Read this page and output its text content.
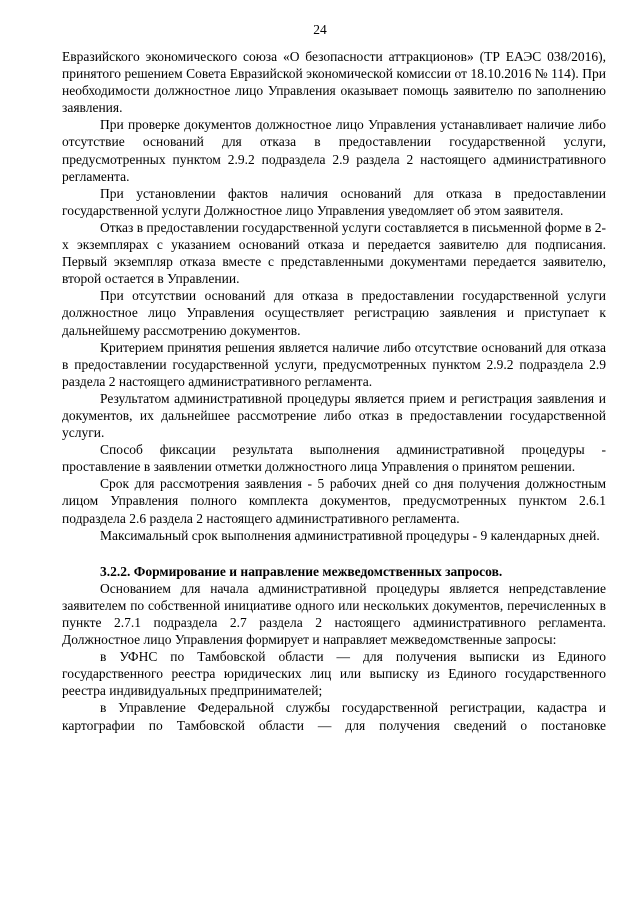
24

Евразийского экономического союза «О безопасности аттракционов» (ТР ЕАЭС 038/2016), принятого решением Совета Евразийской экономической комиссии от 18.10.2016 № 114). При необходимости должностное лицо Управления оказывает помощь заявителю по заполнению заявления.

При проверке документов должностное лицо Управления устанавливает наличие либо отсутствие оснований для отказа в предоставлении государственной услуги, предусмотренных пунктом 2.9.2 подраздела 2.9 раздела 2 настоящего административного регламента.

При установлении фактов наличия оснований для отказа в предоставлении государственной услуги Должностное лицо Управления уведомляет об этом заявителя.

Отказ в предоставлении государственной услуги составляется в письменной форме в 2-х экземплярах с указанием оснований отказа и передается заявителю для подписания. Первый экземпляр отказа вместе с представленными документами передается заявителю, второй остается в Управлении.

При отсутствии оснований для отказа в предоставлении государственной услуги должностное лицо Управления осуществляет регистрацию заявления и приступает к дальнейшему рассмотрению документов.

Критерием принятия решения является наличие либо отсутствие оснований для отказа в предоставлении государственной услуги, предусмотренных пунктом 2.9.2 подраздела 2.9 раздела 2 настоящего административного регламента.

Результатом административной процедуры является прием и регистрация заявления и документов, их дальнейшее рассмотрение либо отказ в предоставлении государственной услуги.

Способ фиксации результата выполнения административной процедуры - проставление в заявлении отметки должностного лица Управления о принятом решении.

Срок для рассмотрения заявления - 5 рабочих дней со дня получения должностным лицом Управления полного комплекта документов, предусмотренных пунктом 2.6.1 подраздела 2.6 раздела 2 настоящего административного регламента.

Максимальный срок выполнения административной процедуры - 9 календарных дней.

3.2.2. Формирование и направление межведомственных запросов.

Основанием для начала административной процедуры является непредставление заявителем по собственной инициативе одного или нескольких документов, перечисленных в пункте 2.7.1 подраздела 2.7 раздела 2 настоящего административного регламента. Должностное лицо Управления формирует и направляет межведомственные запросы:

в УФНС по Тамбовской области — для получения выписки из Единого государственного реестра юридических лиц или выписку из Единого государственного реестра индивидуальных предпринимателей;

в Управление Федеральной службы государственной регистрации, кадастра и картографии по Тамбовской области — для получения сведений о постановке
